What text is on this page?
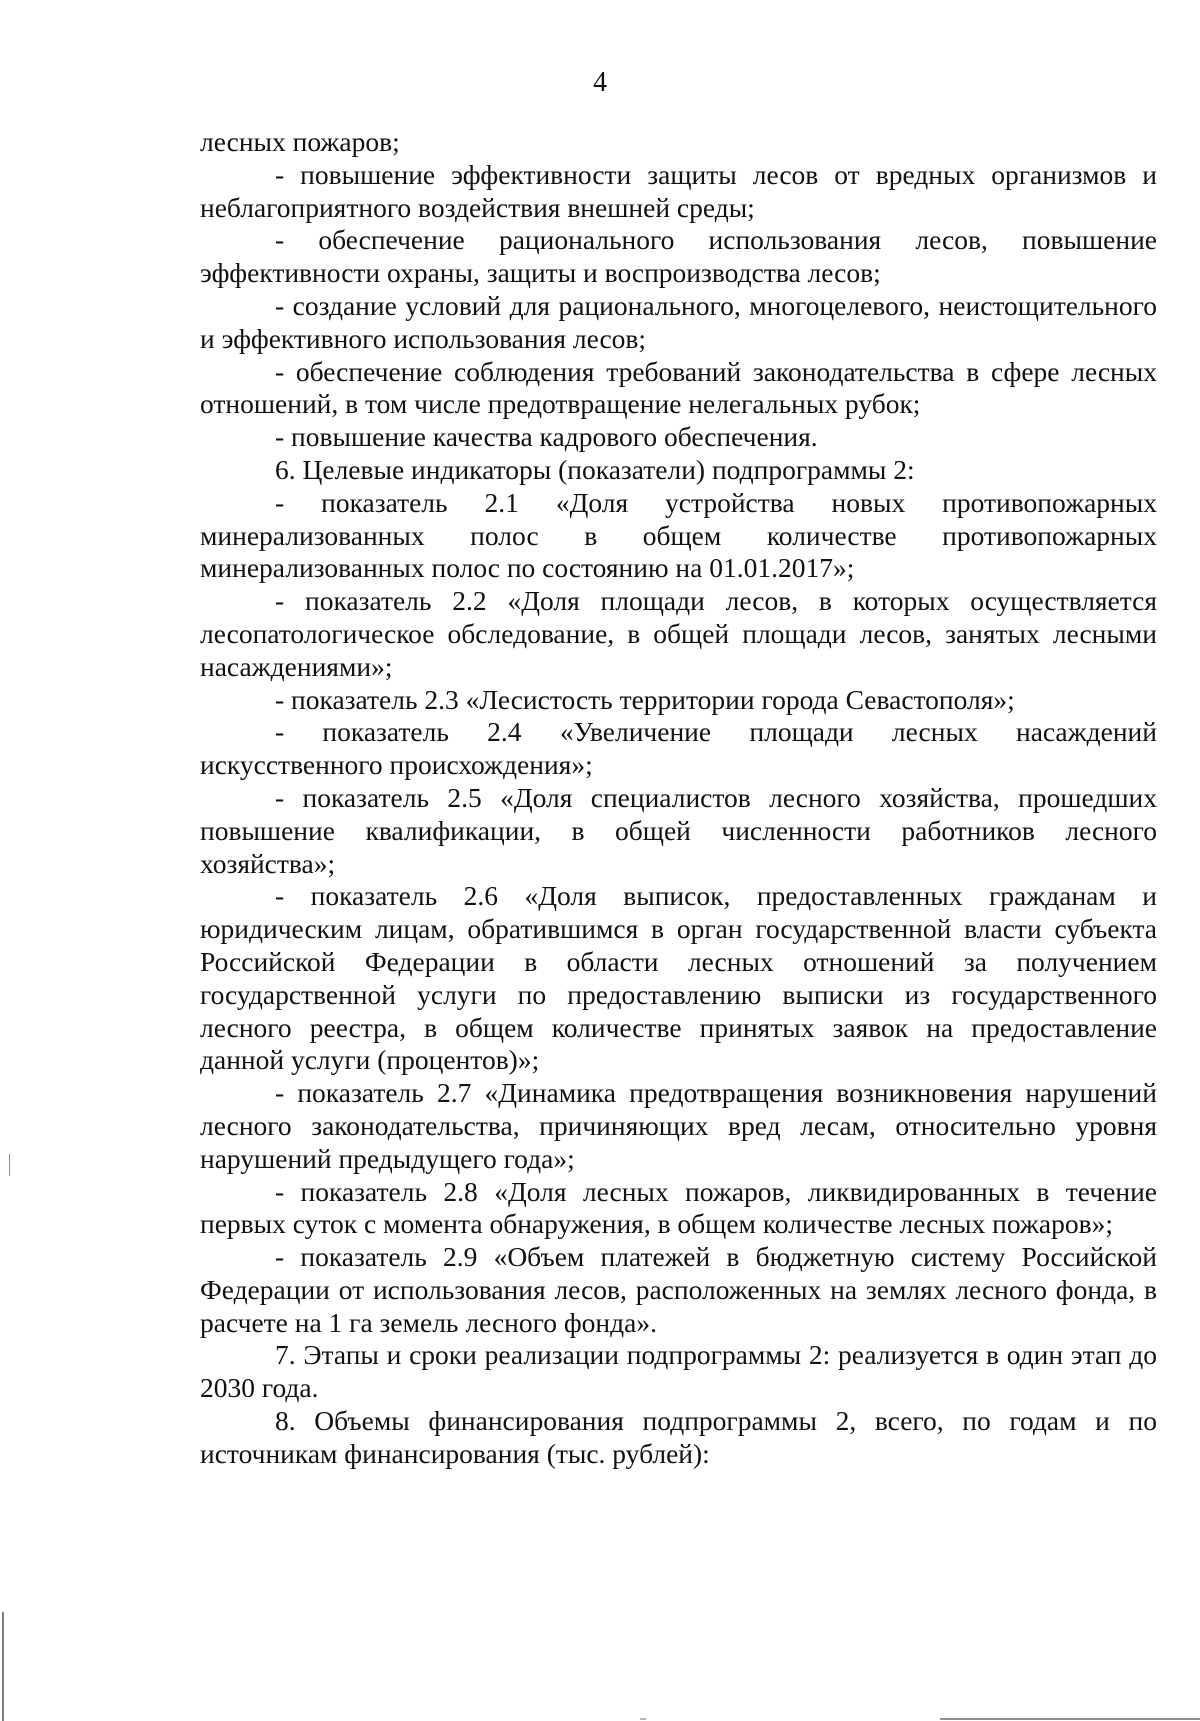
4

лесных пожаров;

- повышение эффективности защиты лесов от вредных организмов и неблагоприятного воздействия внешней среды;

- обеспечение рационального использования лесов, повышение эффективности охраны, защиты и воспроизводства лесов;

- создание условий для рационального, многоцелевого, неистощительного и эффективного использования лесов;

- обеспечение соблюдения требований законодательства в сфере лесных отношений, в том числе предотвращение нелегальных рубок;

- повышение качества кадрового обеспечения.

6. Целевые индикаторы (показатели) подпрограммы 2:

- показатель 2.1 «Доля устройства новых противопожарных минерализованных полос в общем количестве противопожарных минерализованных полос по состоянию на 01.01.2017»;

- показатель 2.2 «Доля площади лесов, в которых осуществляется лесопатологическое обследование, в общей площади лесов, занятых лесными насаждениями»;

- показатель 2.3 «Лесистость территории города Севастополя»;

- показатель 2.4 «Увеличение площади лесных насаждений искусственного происхождения»;

- показатель 2.5 «Доля специалистов лесного хозяйства, прошедших повышение квалификации, в общей численности работников лесного хозяйства»;

- показатель 2.6 «Доля выписок, предоставленных гражданам и юридическим лицам, обратившимся в орган государственной власти субъекта Российской Федерации в области лесных отношений за получением государственной услуги по предоставлению выписки из государственного лесного реестра, в общем количестве принятых заявок на предоставление данной услуги (процентов)»;

- показатель 2.7 «Динамика предотвращения возникновения нарушений лесного законодательства, причиняющих вред лесам, относительно уровня нарушений предыдущего года»;

- показатель 2.8 «Доля лесных пожаров, ликвидированных в течение первых суток с момента обнаружения, в общем количестве лесных пожаров»;

- показатель 2.9 «Объем платежей в бюджетную систему Российской Федерации от использования лесов, расположенных на землях лесного фонда, в расчете на 1 га земель лесного фонда».

7. Этапы и сроки реализации подпрограммы 2: реализуется в один этап до 2030 года.

8. Объемы финансирования подпрограммы 2, всего, по годам и по источникам финансирования (тыс. рублей):
